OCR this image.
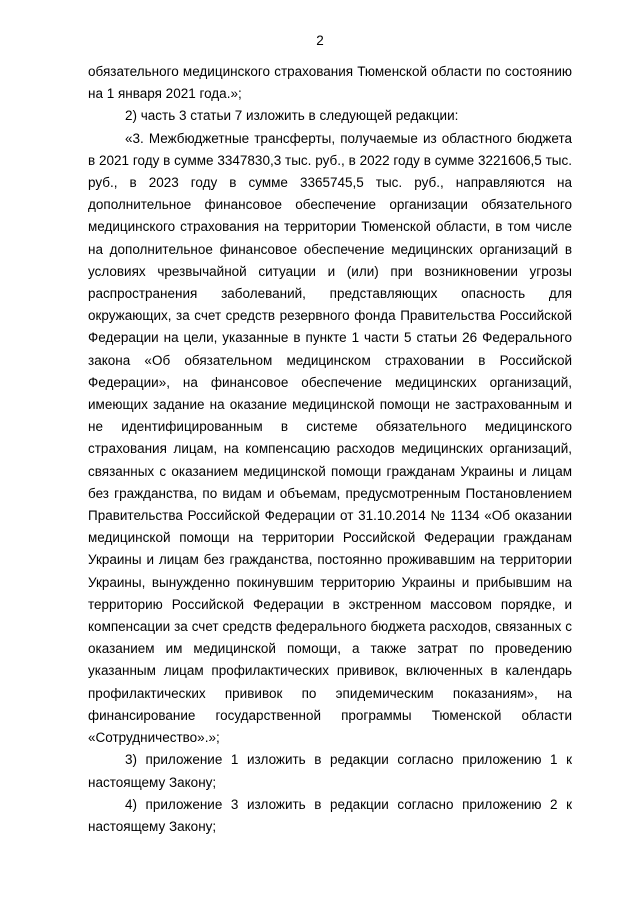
2

обязательного медицинского страхования Тюменской области по состоянию на 1 января 2021 года.»;

2) часть 3 статьи 7 изложить в следующей редакции:

«3. Межбюджетные трансферты, получаемые из областного бюджета в 2021 году в сумме 3347830,3 тыс. руб., в 2022 году в сумме 3221606,5 тыс. руб., в 2023 году в сумме 3365745,5 тыс. руб., направляются на дополнительное финансовое обеспечение организации обязательного медицинского страхования на территории Тюменской области, в том числе на дополнительное финансовое обеспечение медицинских организаций в условиях чрезвычайной ситуации и (или) при возникновении угрозы распространения заболеваний, представляющих опасность для окружающих, за счет средств резервного фонда Правительства Российской Федерации на цели, указанные в пункте 1 части 5 статьи 26 Федерального закона «Об обязательном медицинском страховании в Российской Федерации», на финансовое обеспечение медицинских организаций, имеющих задание на оказание медицинской помощи не застрахованным и не идентифицированным в системе обязательного медицинского страхования лицам, на компенсацию расходов медицинских организаций, связанных с оказанием медицинской помощи гражданам Украины и лицам без гражданства, по видам и объемам, предусмотренным Постановлением Правительства Российской Федерации от 31.10.2014 № 1134 «Об оказании медицинской помощи на территории Российской Федерации гражданам Украины и лицам без гражданства, постоянно проживавшим на территории Украины, вынужденно покинувшим территорию Украины и прибывшим на территорию Российской Федерации в экстренном массовом порядке, и компенсации за счет средств федерального бюджета расходов, связанных с оказанием им медицинской помощи, а также затрат по проведению указанным лицам профилактических прививок, включенных в календарь профилактических прививок по эпидемическим показаниям», на финансирование государственной программы Тюменской области «Сотрудничество».»;

3) приложение 1 изложить в редакции согласно приложению 1 к настоящему Закону;

4) приложение 3 изложить в редакции согласно приложению 2 к настоящему Закону;
